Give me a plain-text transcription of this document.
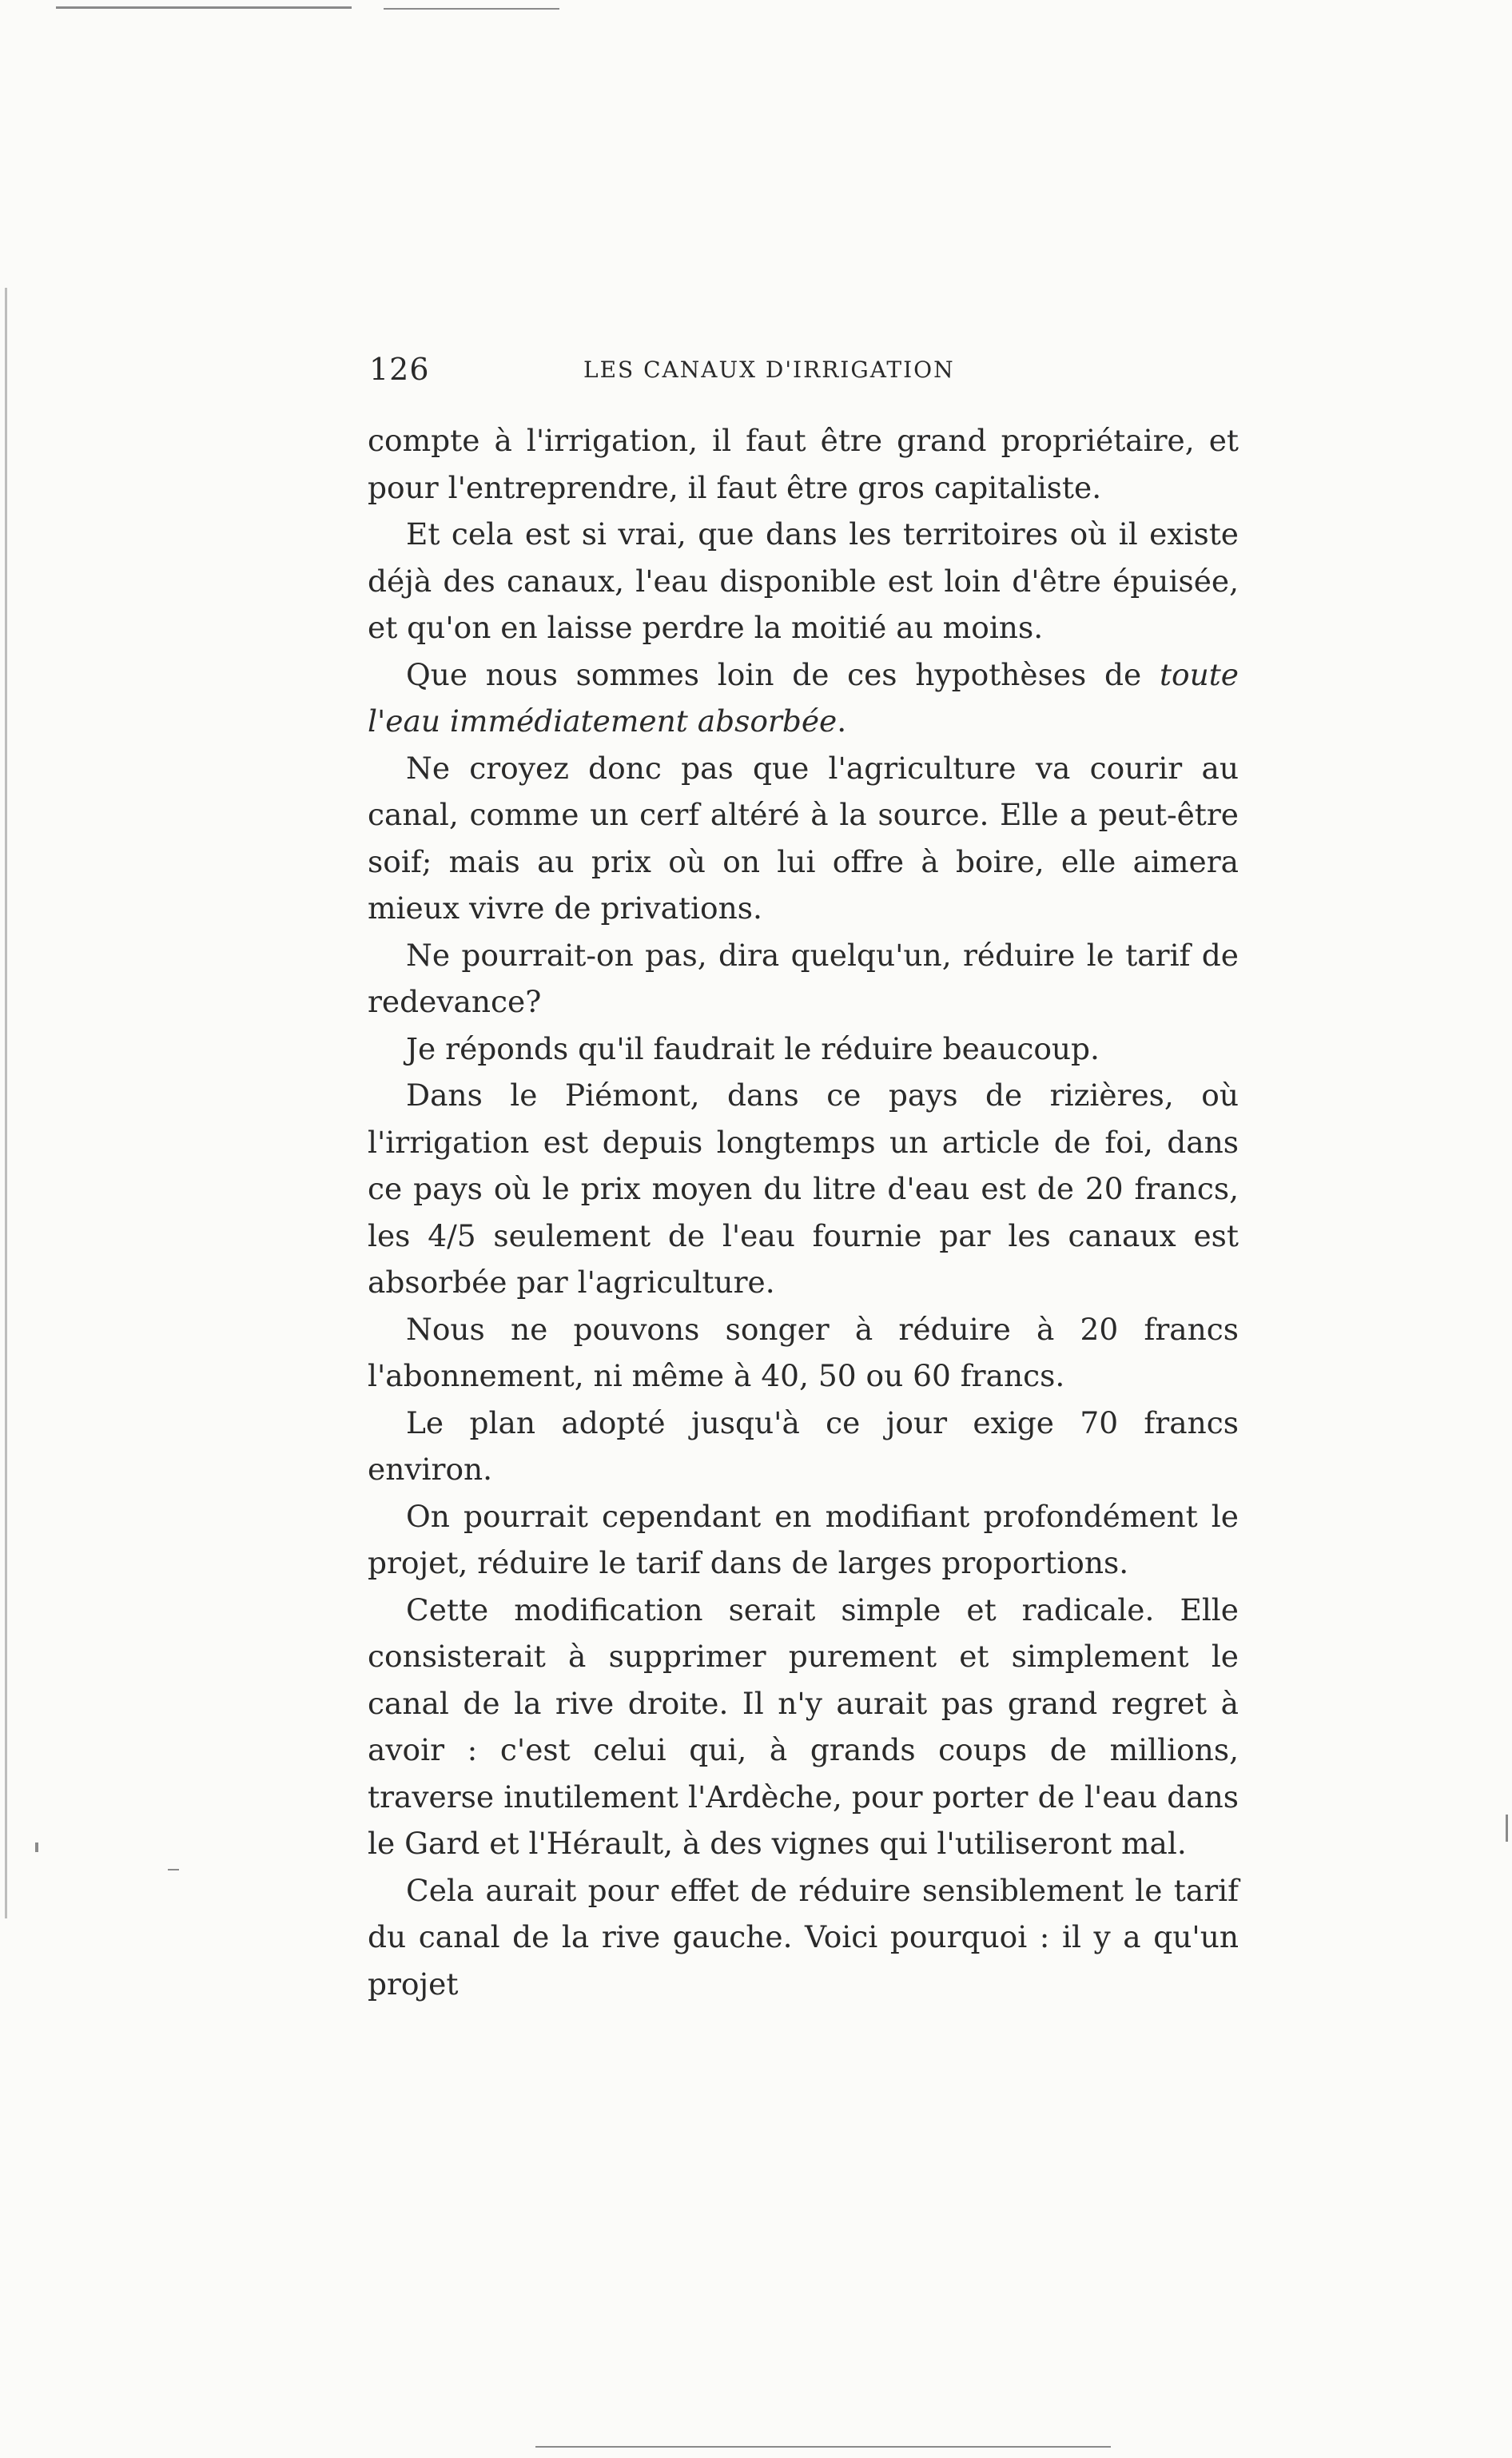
126	LES CANAUX D'IRRIGATION

compte à l'irrigation, il faut être grand propriétaire, et pour l'entreprendre, il faut être gros capitaliste.

Et cela est si vrai, que dans les territoires où il existe déjà des canaux, l'eau disponible est loin d'être épuisée, et qu'on en laisse perdre la moitié au moins.

Que nous sommes loin de ces hypothèses de toute l'eau immédiatement absorbée.

Ne croyez donc pas que l'agriculture va courir au canal, comme un cerf altéré à la source. Elle a peut-être soif; mais au prix où on lui offre à boire, elle aimera mieux vivre de privations.

Ne pourrait-on pas, dira quelqu'un, réduire le tarif de redevance?

Je réponds qu'il faudrait le réduire beaucoup.

Dans le Piémont, dans ce pays de rizières, où l'irrigation est depuis longtemps un article de foi, dans ce pays où le prix moyen du litre d'eau est de 20 francs, les 4/5 seulement de l'eau fournie par les canaux est absorbée par l'agriculture.

Nous ne pouvons songer à réduire à 20 francs l'abonnement, ni même à 40, 50 ou 60 francs.

Le plan adopté jusqu'à ce jour exige 70 francs environ.

On pourrait cependant en modifiant profondément le projet, réduire le tarif dans de larges proportions.

Cette modification serait simple et radicale. Elle consisterait à supprimer purement et simplement le canal de la rive droite. Il n'y aurait pas grand regret à avoir : c'est celui qui, à grands coups de millions, traverse inutilement l'Ardèche, pour porter de l'eau dans le Gard et l'Hérault, à des vignes qui l'utiliseront mal.

Cela aurait pour effet de réduire sensiblement le tarif du canal de la rive gauche. Voici pourquoi : il y a qu'un projet
